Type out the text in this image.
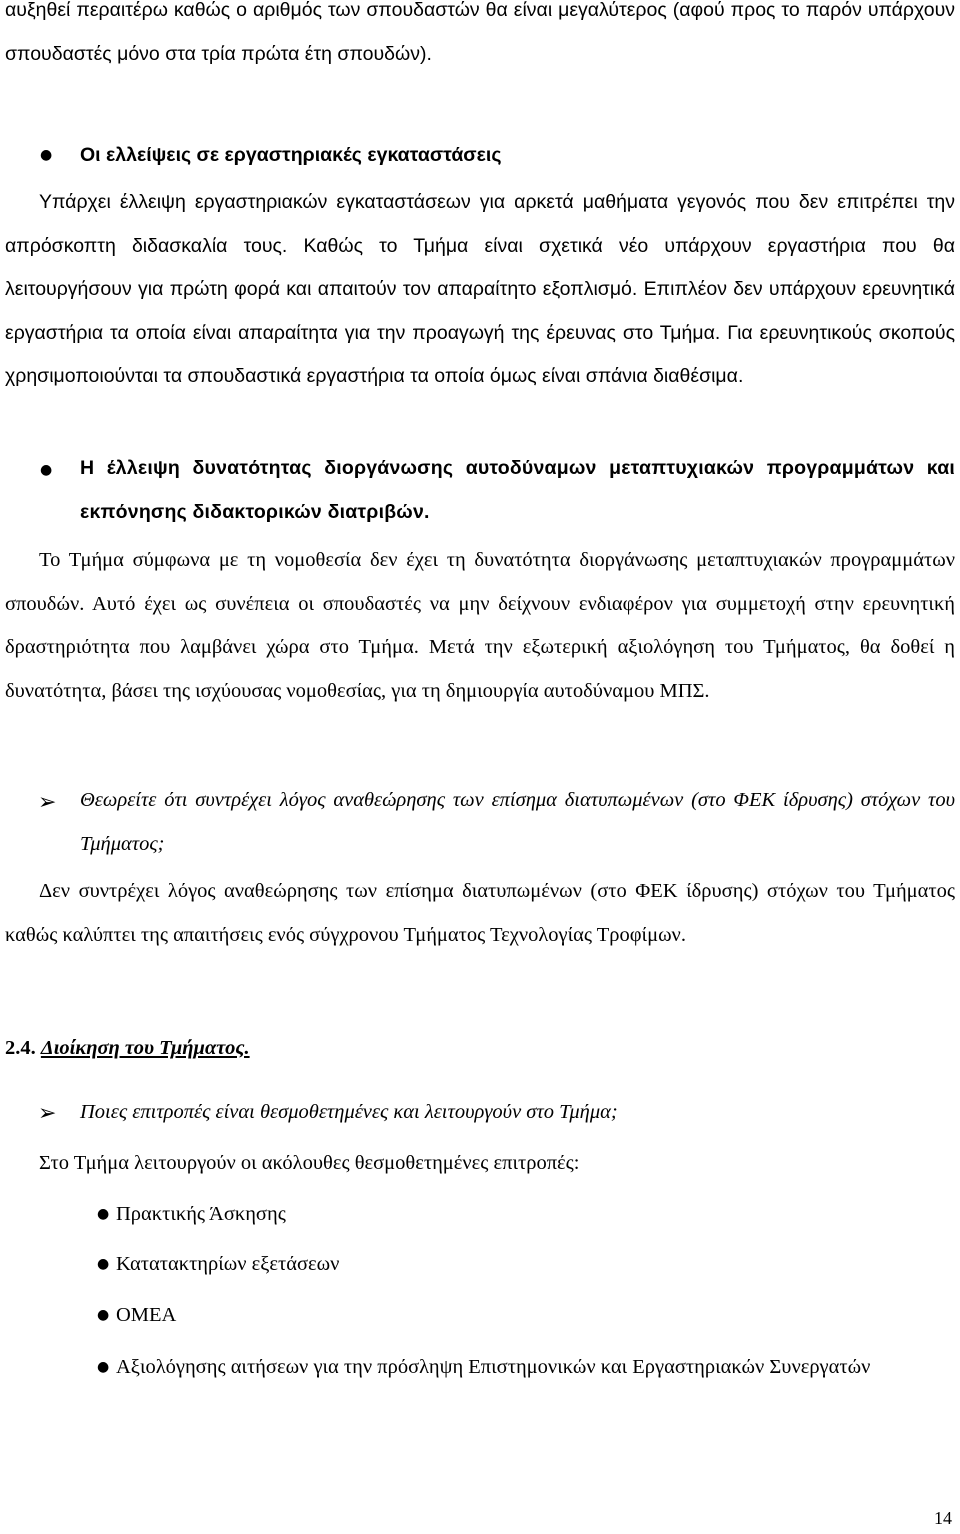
αυξηθεί περαιτέρω καθώς ο αριθμός των σπουδαστών θα είναι μεγαλύτερος (αφού προς το παρόν υπάρχουν σπουδαστές μόνο στα τρία πρώτα έτη σπουδών).

● Οι ελλείψεις σε εργαστηριακές εγκαταστάσεις

Υπάρχει έλλειψη εργαστηριακών εγκαταστάσεων για αρκετά μαθήματα γεγονός που δεν επιτρέπει την απρόσκοπτη διδασκαλία τους. Καθώς το Τμήμα είναι σχετικά νέο υπάρχουν εργαστήρια που θα λειτουργήσουν για πρώτη φορά και απαιτούν τον απαραίτητο εξοπλισμό. Επιπλέον δεν υπάρχουν ερευνητικά εργαστήρια τα οποία είναι απαραίτητα για την προαγωγή της έρευνας στο Τμήμα. Για ερευνητικούς σκοπούς χρησιμοποιούνται τα σπουδαστικά εργαστήρια τα οποία όμως είναι σπάνια διαθέσιμα.

● Η έλλειψη δυνατότητας διοργάνωσης αυτοδύναμων μεταπτυχιακών προγραμμάτων και εκπόνησης διδακτορικών διατριβών.

Το Τμήμα σύμφωνα με τη νομοθεσία δεν έχει τη δυνατότητα διοργάνωσης μεταπτυχιακών προγραμμάτων σπουδών. Αυτό έχει ως συνέπεια οι σπουδαστές να μην δείχνουν ενδιαφέρον για συμμετοχή στην ερευνητική δραστηριότητα που λαμβάνει χώρα στο Τμήμα. Μετά την εξωτερική αξιολόγηση του Τμήματος, θα δοθεί η δυνατότητα, βάσει της ισχύουσας νομοθεσίας, για τη δημιουργία αυτοδύναμου ΜΠΣ.

➢ Θεωρείτε ότι συντρέχει λόγος αναθεώρησης των επίσημα διατυπωμένων (στο ΦΕΚ ίδρυσης) στόχων του Τμήματος;

Δεν συντρέχει λόγος αναθεώρησης των επίσημα διατυπωμένων (στο ΦΕΚ ίδρυσης) στόχων του Τμήματος καθώς καλύπτει της απαιτήσεις ενός σύγχρονου Τμήματος Τεχνολογίας Τροφίμων.

2.4. Διοίκηση του Τμήματος.

➢ Ποιες επιτροπές είναι θεσμοθετημένες και λειτουργούν στο Τμήμα;

Στο Τμήμα λειτουργούν οι ακόλουθες θεσμοθετημένες επιτροπές:

● Πρακτικής Άσκησης

● Κατατακτηρίων εξετάσεων

● ΟΜΕΑ

● Αξιολόγησης αιτήσεων για την πρόσληψη Επιστημονικών και Εργαστηριακών Συνεργατών

14
